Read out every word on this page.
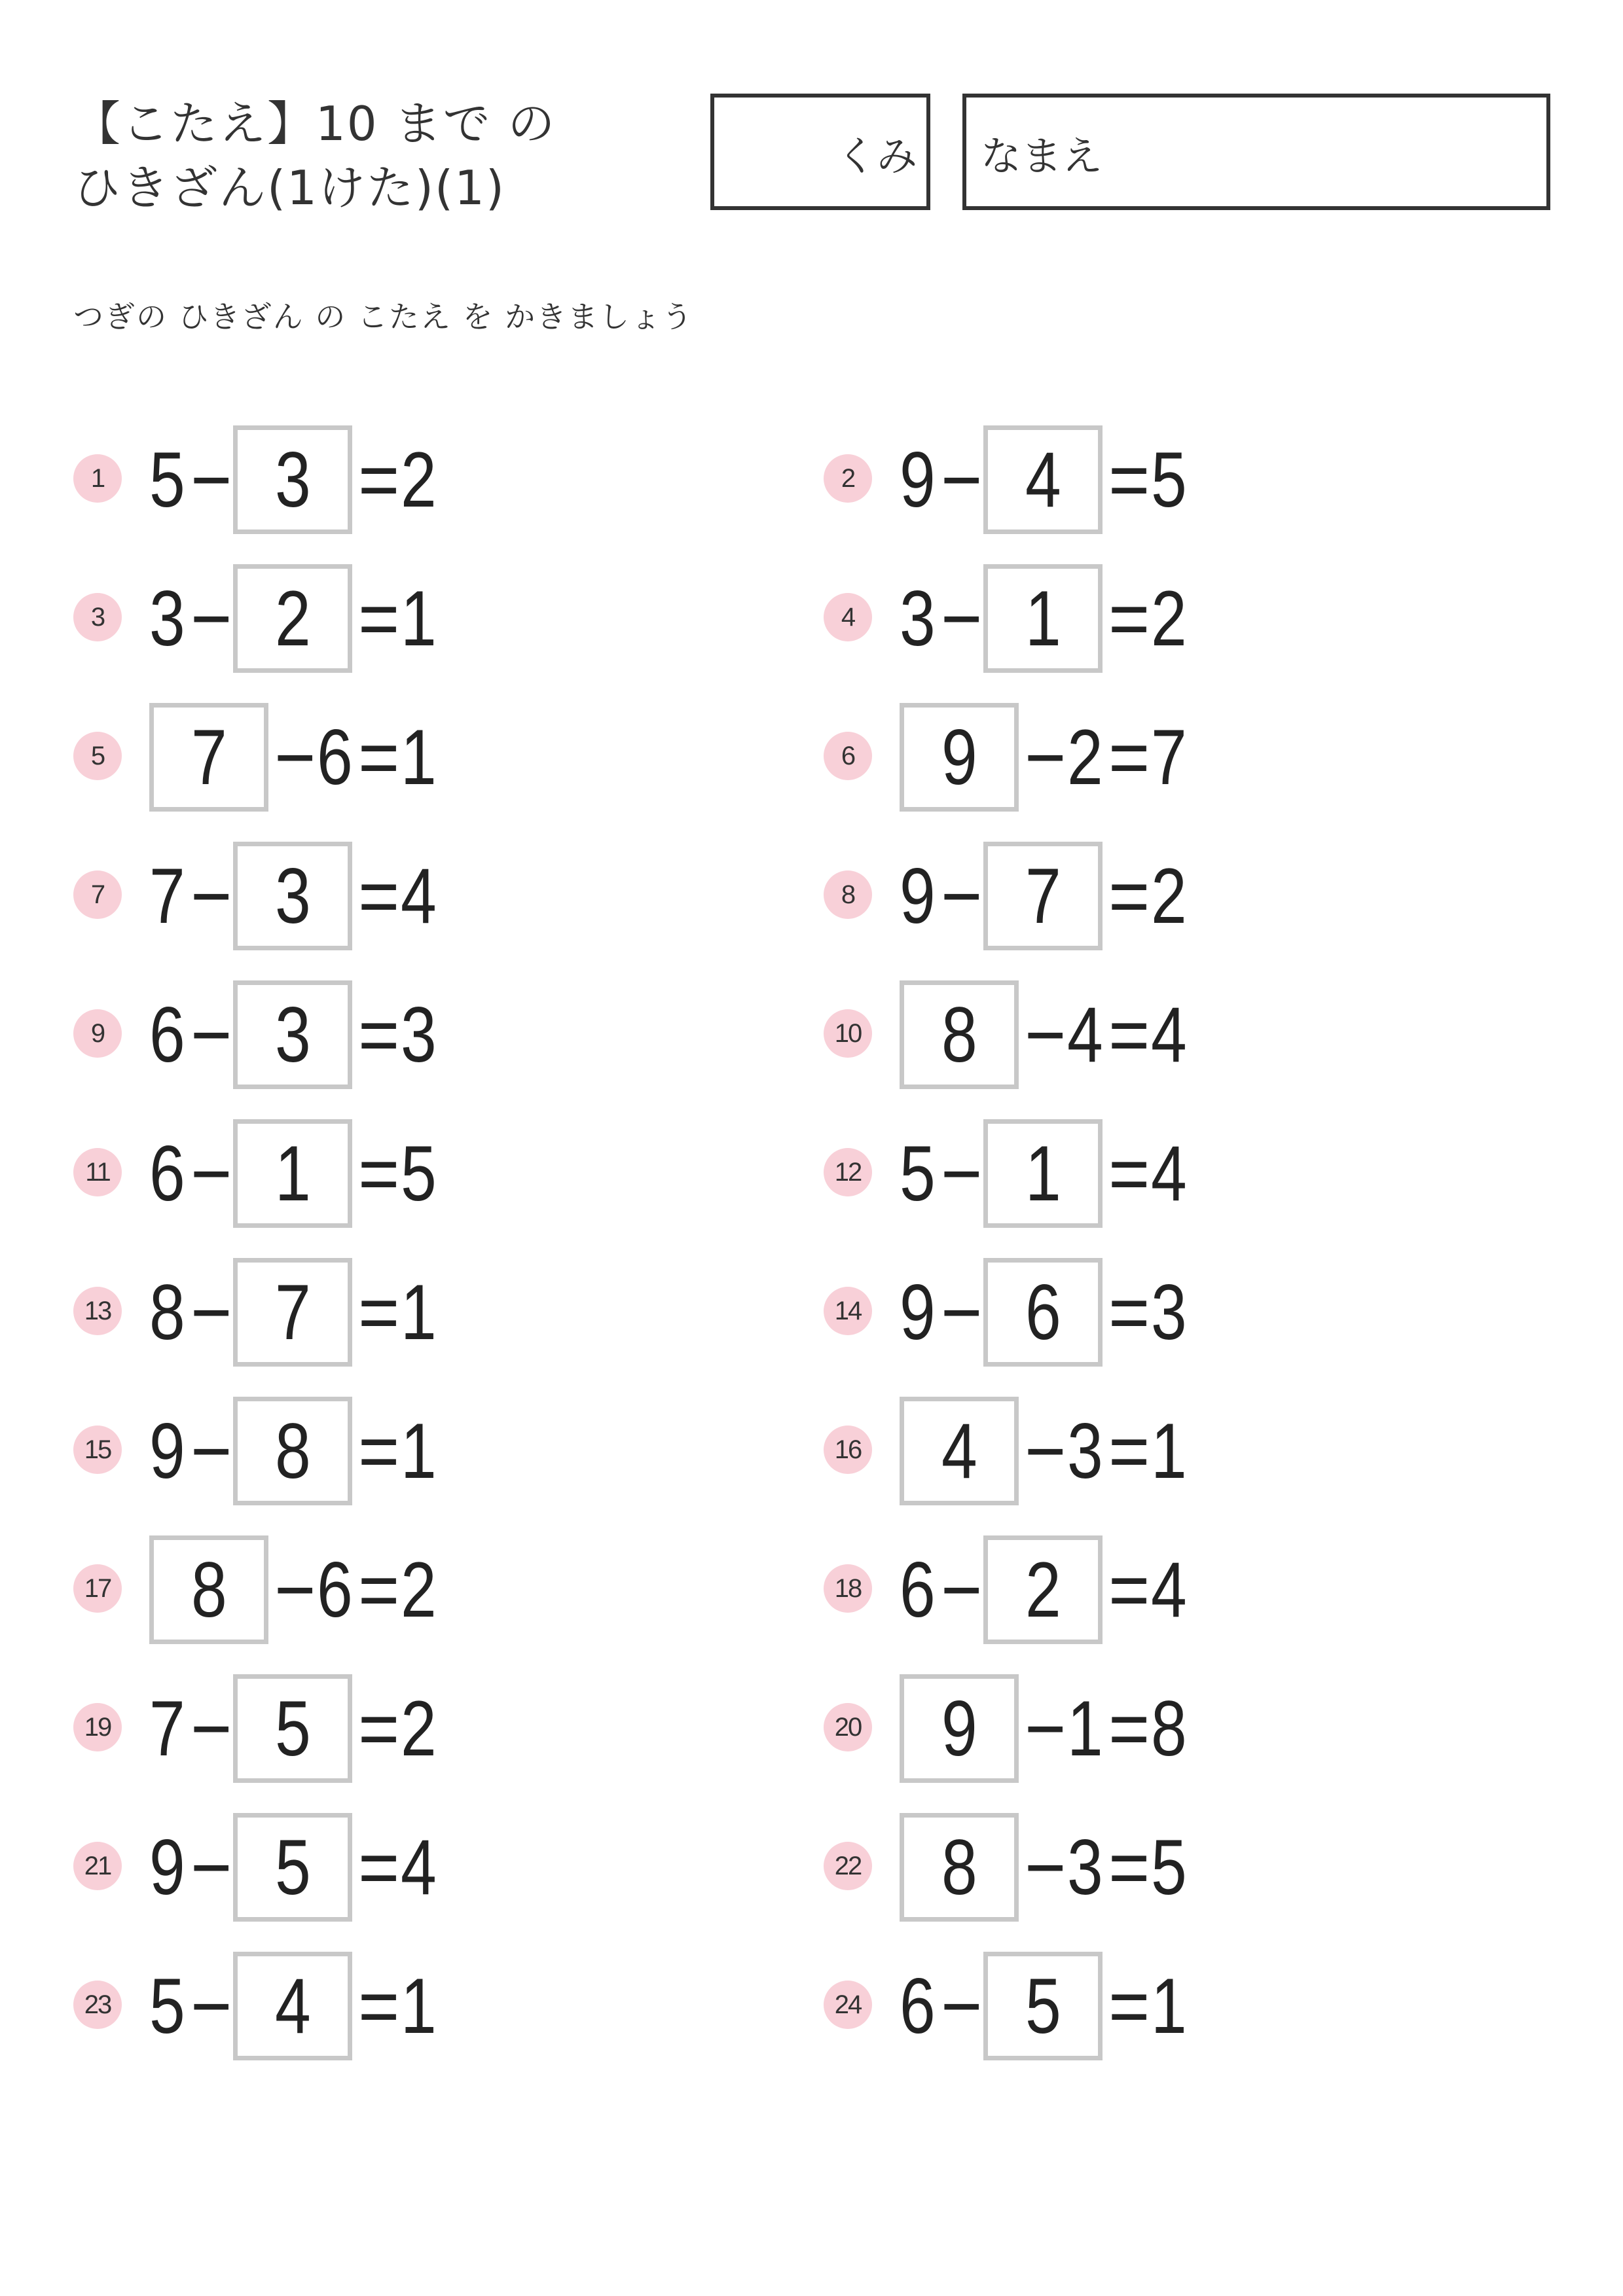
【こたえ】10 まで の
ひきざん(1けた)(1)
くみ なまえ
つぎの ひきざん の こたえ を かきましょう
1 5 − 3 = 2	2 9 − 4 = 5
3 3 − 2 = 1	4 3 − 1 = 2
5 7 − 6 = 1	6 9 − 2 = 7
7 7 − 3 = 4	8 9 − 7 = 2
9 6 − 3 = 3	10 8 − 4 = 4
11 6 − 1 = 5	12 5 − 1 = 4
13 8 − 7 = 1	14 9 − 6 = 3
15 9 − 8 = 1	16 4 − 3 = 1
17 8 − 6 = 2	18 6 − 2 = 4
19 7 − 5 = 2	20 9 − 1 = 8
21 9 − 5 = 4	22 8 − 3 = 5
23 5 − 4 = 1	24 6 − 5 = 1
